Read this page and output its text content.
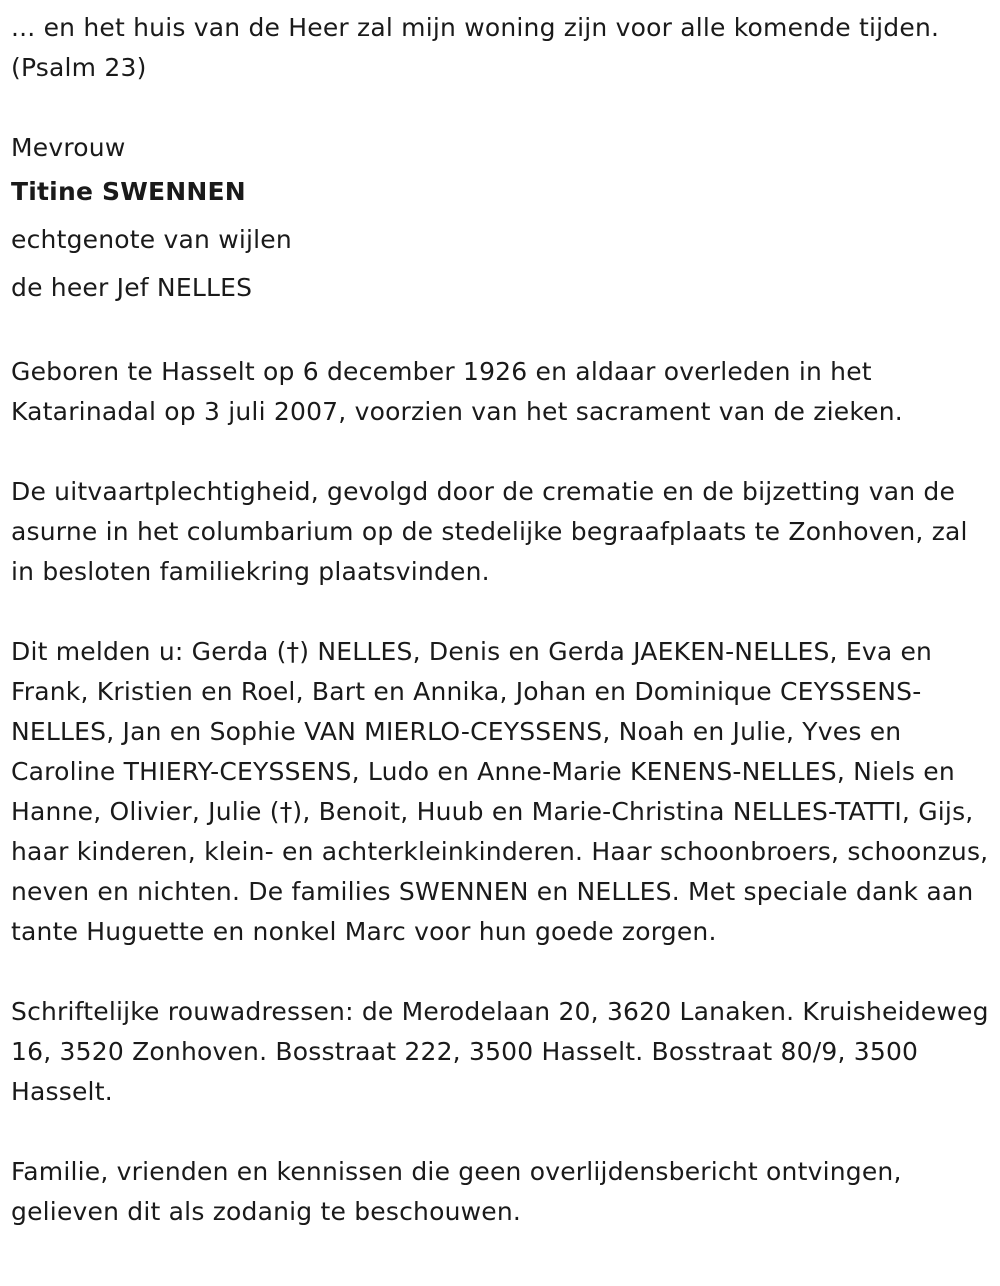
... en het huis van de Heer zal mijn woning zijn voor alle komende tijden.

(Psalm 23)

Mevrouw

Titine SWENNEN

echtgenote van wijlen

de heer Jef NELLES

Geboren te Hasselt op 6 december 1926 en aldaar overleden in het Katarinadal op 3 juli 2007, voorzien van het sacrament van de zieken.

De uitvaartplechtigheid, gevolgd door de crematie en de bijzetting van de asurne in het columbarium op de stedelijke begraafplaats te Zonhoven, zal in besloten familiekring plaatsvinden.

Dit melden u: Gerda (†) NELLES, Denis en Gerda JAEKEN-NELLES, Eva en Frank, Kristien en Roel, Bart en Annika, Johan en Dominique CEYSSENS-NELLES, Jan en Sophie VAN MIERLO-CEYSSENS, Noah en Julie, Yves en Caroline THIERY-CEYSSENS, Ludo en Anne-Marie KENENS-NELLES, Niels en Hanne, Olivier, Julie (†), Benoit, Huub en Marie-Christina NELLES-TATTI, Gijs, haar kinderen, klein- en achterkleinkinderen. Haar schoonbroers, schoonzus, neven en nichten. De families SWENNEN en NELLES. Met speciale dank aan tante Huguette en nonkel Marc voor hun goede zorgen.

Schriftelijke rouwadressen: de Merodelaan 20, 3620 Lanaken. Kruisheideweg 16, 3520 Zonhoven. Bosstraat 222, 3500 Hasselt. Bosstraat 80/9, 3500 Hasselt.

Familie, vrienden en kennissen die geen overlijdensbericht ontvingen, gelieven dit als zodanig te beschouwen.
